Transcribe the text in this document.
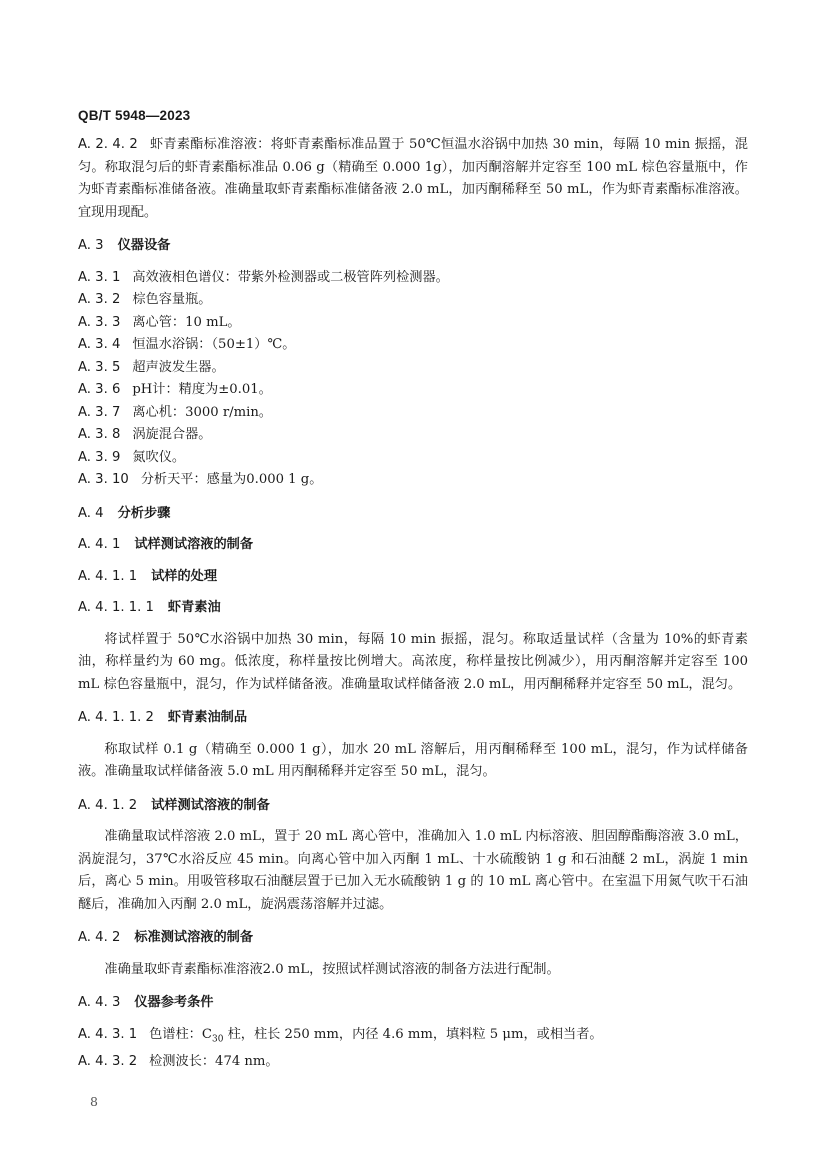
QB/T 5948—2023

A. 2. 4. 2 虾青素酯标准溶液：将虾青素酯标准品置于 50℃恒温水浴锅中加热 30 min，每隔 10 min 振摇，混匀。称取混匀后的虾青素酯标准品 0.06 g（精确至 0.000 1g），加丙酮溶解并定容至 100 mL 棕色容量瓶中，作为虾青素酯标准储备液。准确量取虾青素酯标准储备液 2.0 mL，加丙酮稀释至 50 mL，作为虾青素酯标准溶液。宜现用现配。

A. 3 仪器设备

A. 3. 1 高效液相色谱仪：带紫外检测器或二极管阵列检测器。

A. 3. 2 棕色容量瓶。

A. 3. 3 离心管：10 mL。

A. 3. 4 恒温水浴锅：（50±1）℃。

A. 3. 5 超声波发生器。

A. 3. 6 pH计：精度为±0.01。

A. 3. 7 离心机：3000 r/min。

A. 3. 8 涡旋混合器。

A. 3. 9 氮吹仪。

A. 3. 10 分析天平：感量为0.000 1 g。

A. 4 分析步骤

A. 4. 1 试样测试溶液的制备

A. 4. 1. 1 试样的处理

A. 4. 1. 1. 1 虾青素油

将试样置于 50℃水浴锅中加热 30 min，每隔 10 min 振摇，混匀。称取适量试样（含量为 10%的虾青素油，称样量约为 60 mg。低浓度，称样量按比例增大。高浓度，称样量按比例减少），用丙酮溶解并定容至 100 mL 棕色容量瓶中，混匀，作为试样储备液。准确量取试样储备液 2.0 mL，用丙酮稀释并定容至 50 mL，混匀。

A. 4. 1. 1. 2 虾青素油制品

称取试样 0.1 g（精确至 0.000 1 g），加水 20 mL 溶解后，用丙酮稀释至 100 mL，混匀，作为试样储备液。准确量取试样储备液 5.0 mL 用丙酮稀释并定容至 50 mL，混匀。

A. 4. 1. 2 试样测试溶液的制备

准确量取试样溶液 2.0 mL，置于 20 mL 离心管中，准确加入 1.0 mL 内标溶液、胆固醇酯酶溶液 3.0 mL，涡旋混匀，37℃水浴反应 45 min。向离心管中加入丙酮 1 mL、十水硫酸钠 1 g 和石油醚 2 mL，涡旋 1 min 后，离心 5 min。用吸管移取石油醚层置于已加入无水硫酸钠 1 g 的 10 mL 离心管中。在室温下用氮气吹干石油醚后，准确加入丙酮 2.0 mL，旋涡震荡溶解并过滤。

A. 4. 2 标准测试溶液的制备

准确量取虾青素酯标准溶液2.0 mL，按照试样测试溶液的制备方法进行配制。

A. 4. 3 仪器参考条件

A. 4. 3. 1 色谱柱：$C_{30}$ 柱，柱长 250 mm，内径 4.6 mm，填料粒 5 μm，或相当者。

A. 4. 3. 2 检测波长：474 nm。

8
